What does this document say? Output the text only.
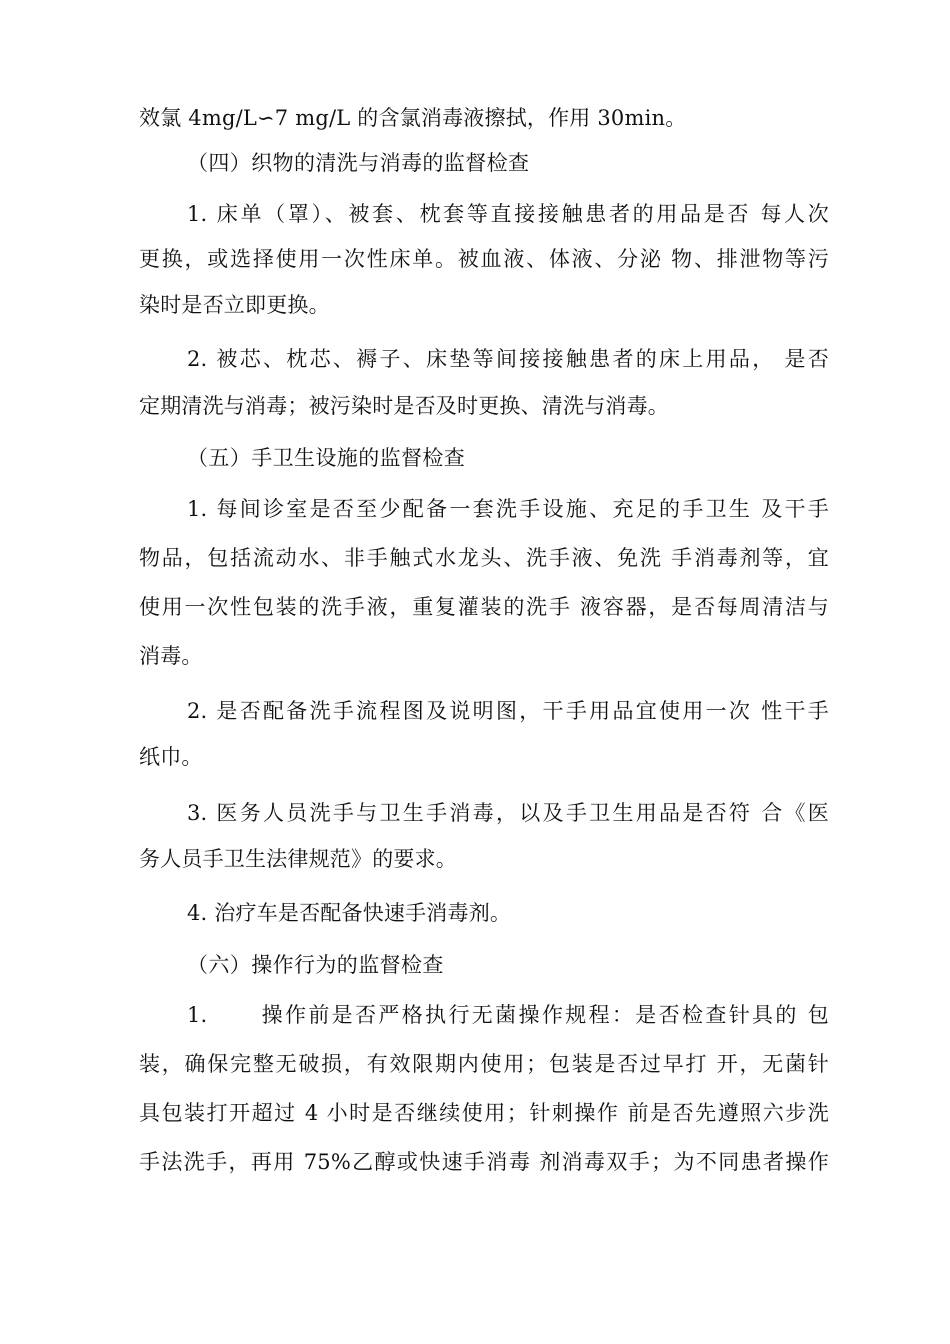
效氯 4mg/L∽7 mg/L 的含氯消毒液擦拭，作用 30min。
（四）织物的清洗与消毒的监督检查
1. 床单（罩）、被套、枕套等直接接触患者的用品是否 每人次
更换，或选择使用一次性床单。被血液、体液、分泌 物、排泄物等污
染时是否立即更换。
2. 被芯、枕芯、褥子、床垫等间接接触患者的床上用品， 是否
定期清洗与消毒；被污染时是否及时更换、清洗与消毒。
（五）手卫生设施的监督检查
1. 每间诊室是否至少配备一套洗手设施、充足的手卫生 及干手
物品，包括流动水、非手触式水龙头、洗手液、免洗 手消毒剂等，宜
使用一次性包装的洗手液，重复灌装的洗手 液容器，是否每周清洁与
消毒。
2. 是否配备洗手流程图及说明图，干手用品宜使用一次 性干手
纸巾。
3. 医务人员洗手与卫生手消毒，以及手卫生用品是否符 合《医
务人员手卫生法律规范》的要求。
4. 治疗车是否配备快速手消毒剂。
（六）操作行为的监督检查
1.      操作前是否严格执行无菌操作规程：是否检查针具的 包
装，确保完整无破损，有效限期内使用；包装是否过早打 开，无菌针
具包装打开超过 4 小时是否继续使用；针刺操作 前是否先遵照六步洗
手法洗手，再用 75%乙醇或快速手消毒 剂消毒双手；为不同患者操作
